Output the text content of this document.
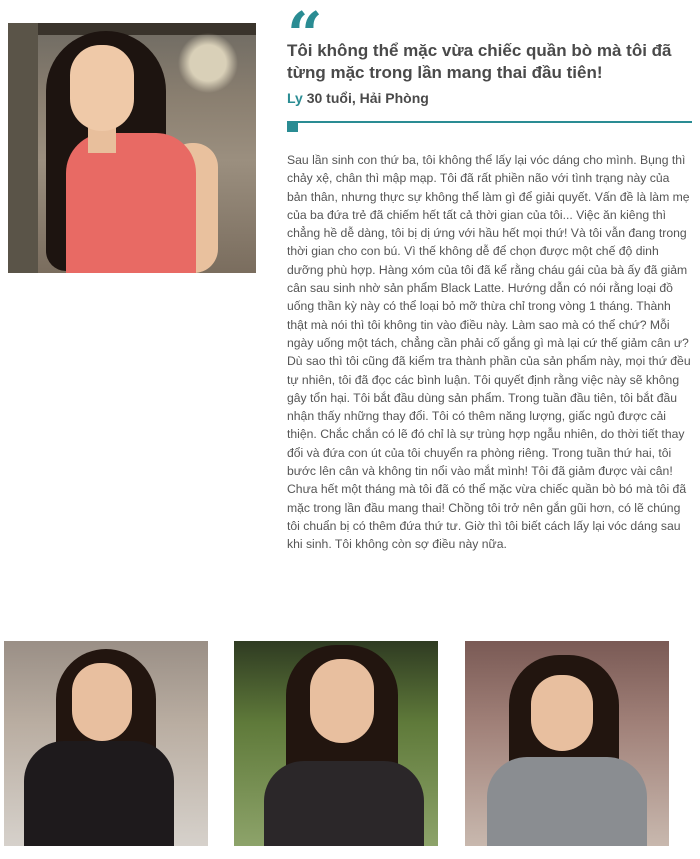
“
Tôi không thể mặc vừa chiếc quần bò mà tôi đã từng mặc trong lần mang thai đầu tiên!
Ly 30 tuổi, Hải Phòng

Sau lần sinh con thứ ba, tôi không thể lấy lại vóc dáng cho mình. Bụng thì chảy xệ, chân thì mập mạp. Tôi đã rất phiền não với tình trạng này của bản thân, nhưng thực sự không thể làm gì để giải quyết. Vấn đề là làm mẹ của ba đứa trẻ đã chiếm hết tất cả thời gian của tôi... Việc ăn kiêng thì chẳng hề dễ dàng, tôi bị dị ứng với hầu hết mọi thứ! Và tôi vẫn đang trong thời gian cho con bú. Vì thế không dễ để chọn được một chế độ dinh dưỡng phù hợp. Hàng xóm của tôi đã kể rằng cháu gái của bà ấy đã giảm cân sau sinh nhờ sản phẩm Black Latte. Hướng dẫn có nói rằng loại đồ uống thần kỳ này có thể loại bỏ mỡ thừa chỉ trong vòng 1 tháng. Thành thật mà nói thì tôi không tin vào điều này. Làm sao mà có thể chứ? Mỗi ngày uống một tách, chẳng cần phải cố gắng gì mà lại cứ thế giảm cân ư? Dù sao thì tôi cũng đã kiểm tra thành phần của sản phẩm này, mọi thứ đều tự nhiên, tôi đã đọc các bình luận. Tôi quyết định rằng việc này sẽ không gây tổn hại. Tôi bắt đầu dùng sản phẩm. Trong tuần đầu tiên, tôi bắt đầu nhận thấy những thay đổi. Tôi có thêm năng lượng, giấc ngủ được cải thiện. Chắc chắn có lẽ đó chỉ là sự trùng hợp ngẫu nhiên, do thời tiết thay đổi và đứa con út của tôi chuyển ra phòng riêng. Trong tuần thứ hai, tôi bước lên cân và không tin nổi vào mắt mình! Tôi đã giảm được vài cân! Chưa hết một tháng mà tôi đã có thể mặc vừa chiếc quần bò bó mà tôi đã mặc trong lần đầu mang thai! Chồng tôi trở nên gắn gũi hơn, có lẽ chúng tôi chuẩn bị có thêm đứa thứ tư. Giờ thì tôi biết cách lấy lại vóc dáng sau khi sinh. Tôi không còn sợ điều này nữa.
